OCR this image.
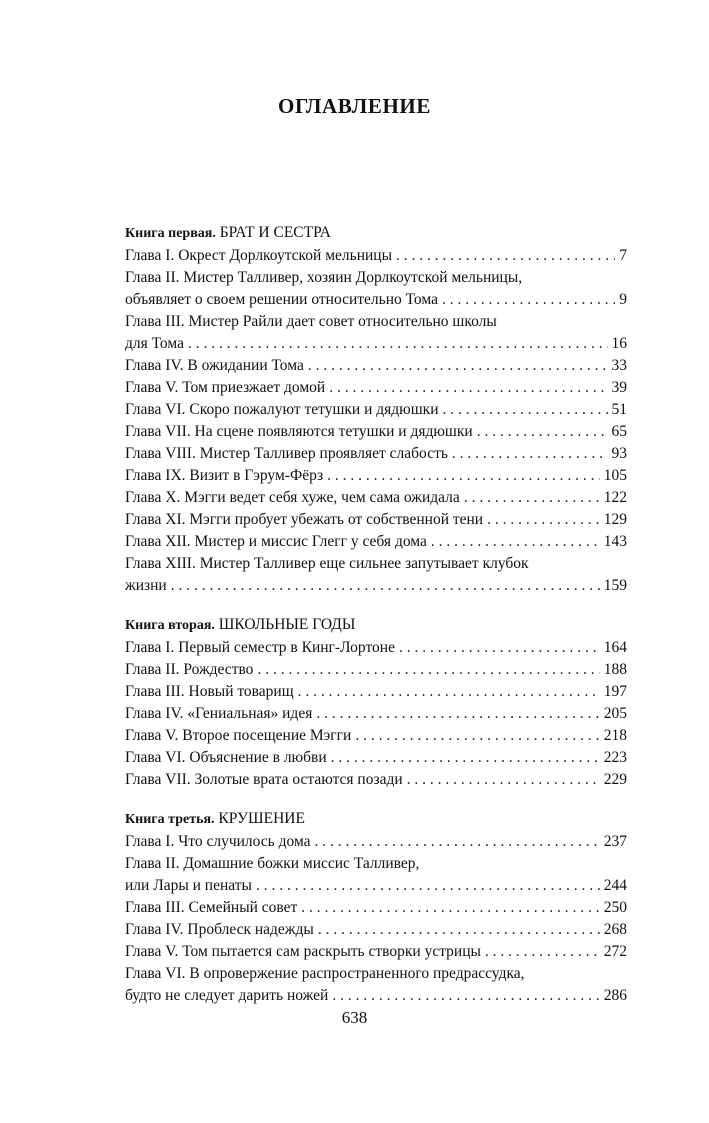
ОГЛАВЛЕНИЕ
Книга первая. БРАТ И СЕСТРА
Глава I. Окрест Дорлкоутской мельницы . . .	7
Глава II. Мистер Талливер, хозяин Дорлкоутской мельницы,
объявляет о своем решении относительно Тома . . .	9
Глава III. Мистер Райли дает совет относительно школы
для Тома . . .	16
Глава IV. В ожидании Тома . . .	33
Глава V. Том приезжает домой . . .	39
Глава VI. Скоро пожалуют тетушки и дядюшки . . .	51
Глава VII. На сцене появляются тетушки и дядюшки . . .	65
Глава VIII. Мистер Талливер проявляет слабость . . .	93
Глава IX. Визит в Гэрум-Фёрз . . .	105
Глава X. Мэгги ведет себя хуже, чем сама ожидала . . .	122
Глава XI. Мэгги пробует убежать от собственной тени . . .	129
Глава XII. Мистер и миссис Глегг у себя дома . . .	143
Глава XIII. Мистер Талливер еще сильнее запутывает клубок
жизни . . .	159
Книга вторая. ШКОЛЬНЫЕ ГОДЫ
Глава I. Первый семестр в Кинг-Лортоне . . .	164
Глава II. Рождество . . .	188
Глава III. Новый товарищ . . .	197
Глава IV. «Гениальная» идея . . .	205
Глава V. Второе посещение Мэгги . . .	218
Глава VI. Объяснение в любви . . .	223
Глава VII. Золотые врата остаются позади . . .	229
Книга третья. КРУШЕНИЕ
Глава I. Что случилось дома . . .	237
Глава II. Домашние божки миссис Талливер,
или Лары и пенаты . . .	244
Глава III. Семейный совет . . .	250
Глава IV. Проблеск надежды . . .	268
Глава V. Том пытается сам раскрыть створки устрицы . . .	272
Глава VI. В опровержение распространенного предрассудка,
будто не следует дарить ножей . . .	286
638
